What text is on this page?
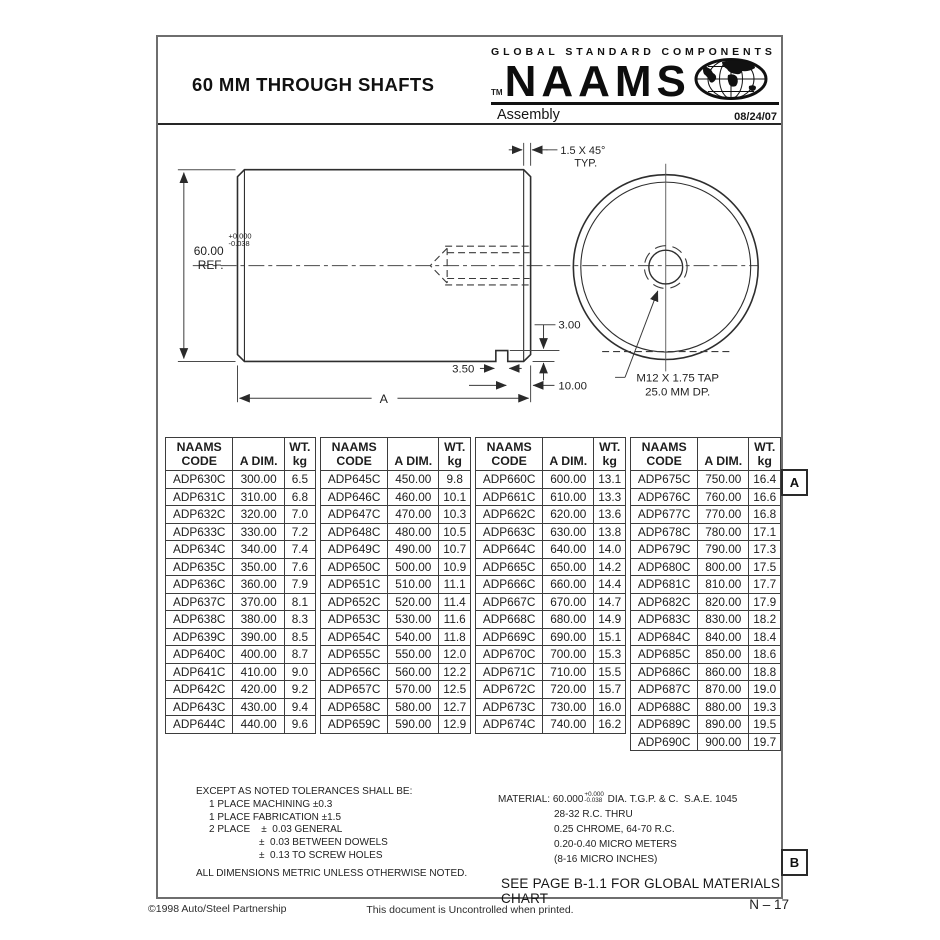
60 MM THROUGH SHAFTS
GLOBAL STANDARD COMPONENTS
TM NAAMS
Assembly	08/24/07
60.00
REF.
+0.000
-0.038
A
1.5 X 45°
TYP.
3.50
10.00
3.00
M12 X 1.75 TAP
25.0 MM DP.
NAAMS
CODE	A DIM.	WT.
kg
ADP630C	300.00	6.5
ADP631C	310.00	6.8
ADP632C	320.00	7.0
ADP633C	330.00	7.2
ADP634C	340.00	7.4
ADP635C	350.00	7.6
ADP636C	360.00	7.9
ADP637C	370.00	8.1
ADP638C	380.00	8.3
ADP639C	390.00	8.5
ADP640C	400.00	8.7
ADP641C	410.00	9.0
ADP642C	420.00	9.2
ADP643C	430.00	9.4
ADP644C	440.00	9.6
NAAMS
CODE	A DIM.	WT.
kg
ADP645C	450.00	9.8
ADP646C	460.00	10.1
ADP647C	470.00	10.3
ADP648C	480.00	10.5
ADP649C	490.00	10.7
ADP650C	500.00	10.9
ADP651C	510.00	11.1
ADP652C	520.00	11.4
ADP653C	530.00	11.6
ADP654C	540.00	11.8
ADP655C	550.00	12.0
ADP656C	560.00	12.2
ADP657C	570.00	12.5
ADP658C	580.00	12.7
ADP659C	590.00	12.9
NAAMS
CODE	A DIM.	WT.
kg
ADP660C	600.00	13.1
ADP661C	610.00	13.3
ADP662C	620.00	13.6
ADP663C	630.00	13.8
ADP664C	640.00	14.0
ADP665C	650.00	14.2
ADP666C	660.00	14.4
ADP667C	670.00	14.7
ADP668C	680.00	14.9
ADP669C	690.00	15.1
ADP670C	700.00	15.3
ADP671C	710.00	15.5
ADP672C	720.00	15.7
ADP673C	730.00	16.0
ADP674C	740.00	16.2
NAAMS
CODE	A DIM.	WT.
kg
ADP675C	750.00	16.4
ADP676C	760.00	16.6
ADP677C	770.00	16.8
ADP678C	780.00	17.1
ADP679C	790.00	17.3
ADP680C	800.00	17.5
ADP681C	810.00	17.7
ADP682C	820.00	17.9
ADP683C	830.00	18.2
ADP684C	840.00	18.4
ADP685C	850.00	18.6
ADP686C	860.00	18.8
ADP687C	870.00	19.0
ADP688C	880.00	19.3
ADP689C	890.00	19.5
ADP690C	900.00	19.7
EXCEPT AS NOTED TOLERANCES SHALL BE:
1 PLACE MACHINING ±0.3
1 PLACE FABRICATION ±1.5
2 PLACE    ±  0.03 GENERAL
±  0.03 BETWEEN DOWELS
±  0.13 TO SCREW HOLES
ALL DIMENSIONS METRIC UNLESS OTHERWISE NOTED.
MATERIAL: 60.000 +0.000
-0.038 DIA. T.G.P. & C.  S.A.E. 1045
28-32 R.C. THRU
0.25 CHROME, 64-70 R.C.
0.20-0.40 MICRO METERS
(8-16 MICRO INCHES)
SEE PAGE B-1.1 FOR GLOBAL MATERIALS CHART
A
B
This document is Uncontrolled when printed.
©1998 Auto/Steel Partnership	N – 17
